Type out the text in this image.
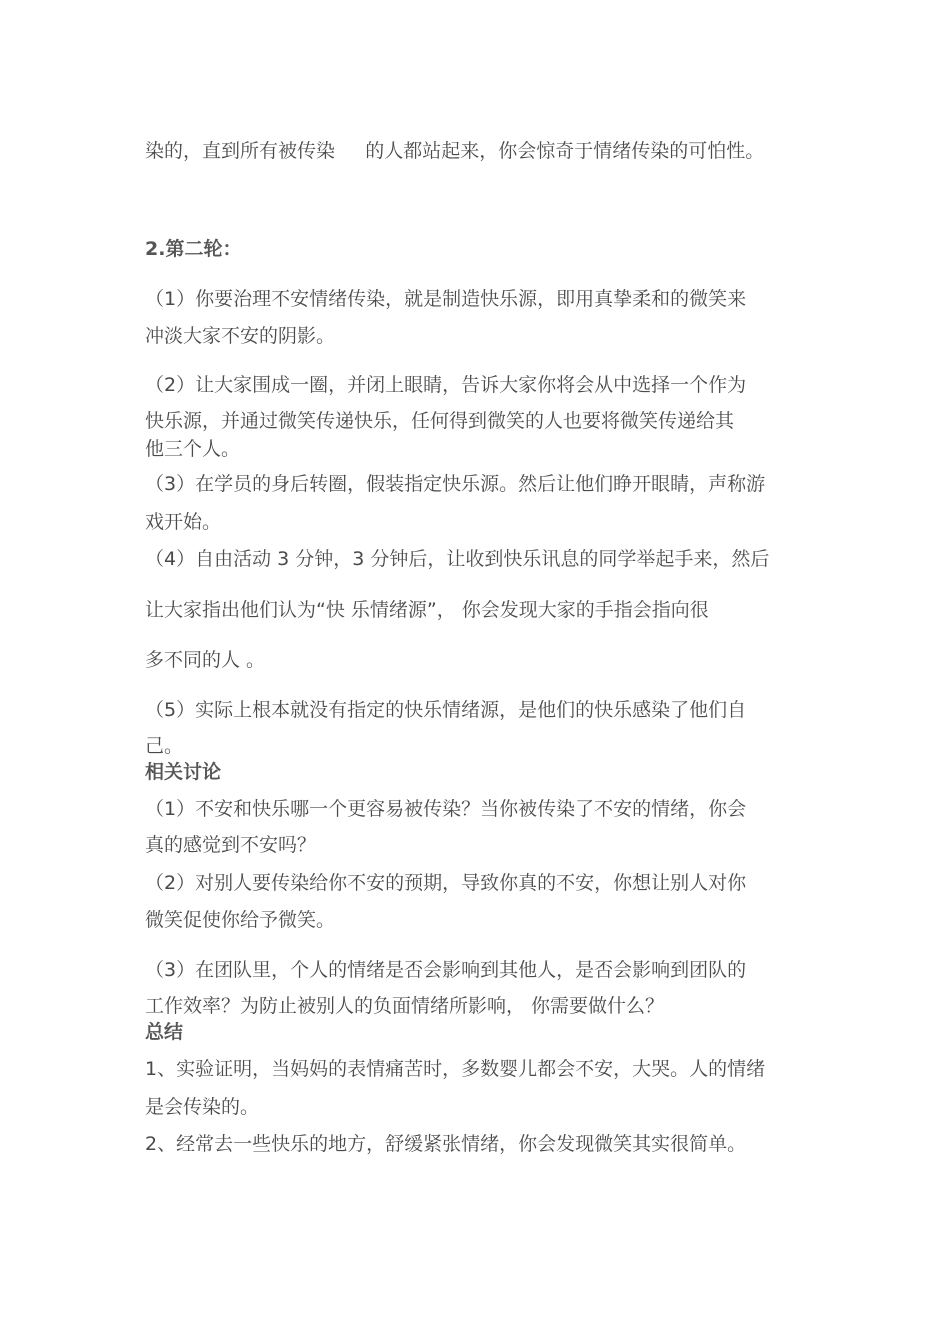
染的，直到所有被传染     的人都站起来，你会惊奇于情绪传染的可怕性。
2.第二轮：
（1）你要治理不安情绪传染，就是制造快乐源，即用真挚柔和的微笑来
冲淡大家不安的阴影。
（2）让大家围成一圈，并闭上眼睛，告诉大家你将会从中选择一个作为
快乐源，并通过微笑传递快乐，任何得到微笑的人也要将微笑传递给其
他三个人。
（3）在学员的身后转圈，假装指定快乐源。然后让他们睁开眼睛，声称游
戏开始。
（4）自由活动 3 分钟，3 分钟后，让收到快乐讯息的同学举起手来，然后
让大家指出他们认为“快 乐情绪源”， 你会发现大家的手指会指向很
多不同的人 。
（5）实际上根本就没有指定的快乐情绪源，是他们的快乐感染了他们自
己。
相关讨论
（1）不安和快乐哪一个更容易被传染？当你被传染了不安的情绪，你会
真的感觉到不安吗？
（2）对别人要传染给你不安的预期，导致你真的不安，你想让别人对你
微笑促使你给予微笑。
（3）在团队里，个人的情绪是否会影响到其他人，是否会影响到团队的
工作效率？为防止被别人的负面情绪所影响， 你需要做什么？
总结
1、实验证明，当妈妈的表情痛苦时，多数婴儿都会不安，大哭。人的情绪
是会传染的。
2、经常去一些快乐的地方，舒缓紧张情绪，你会发现微笑其实很简单。
